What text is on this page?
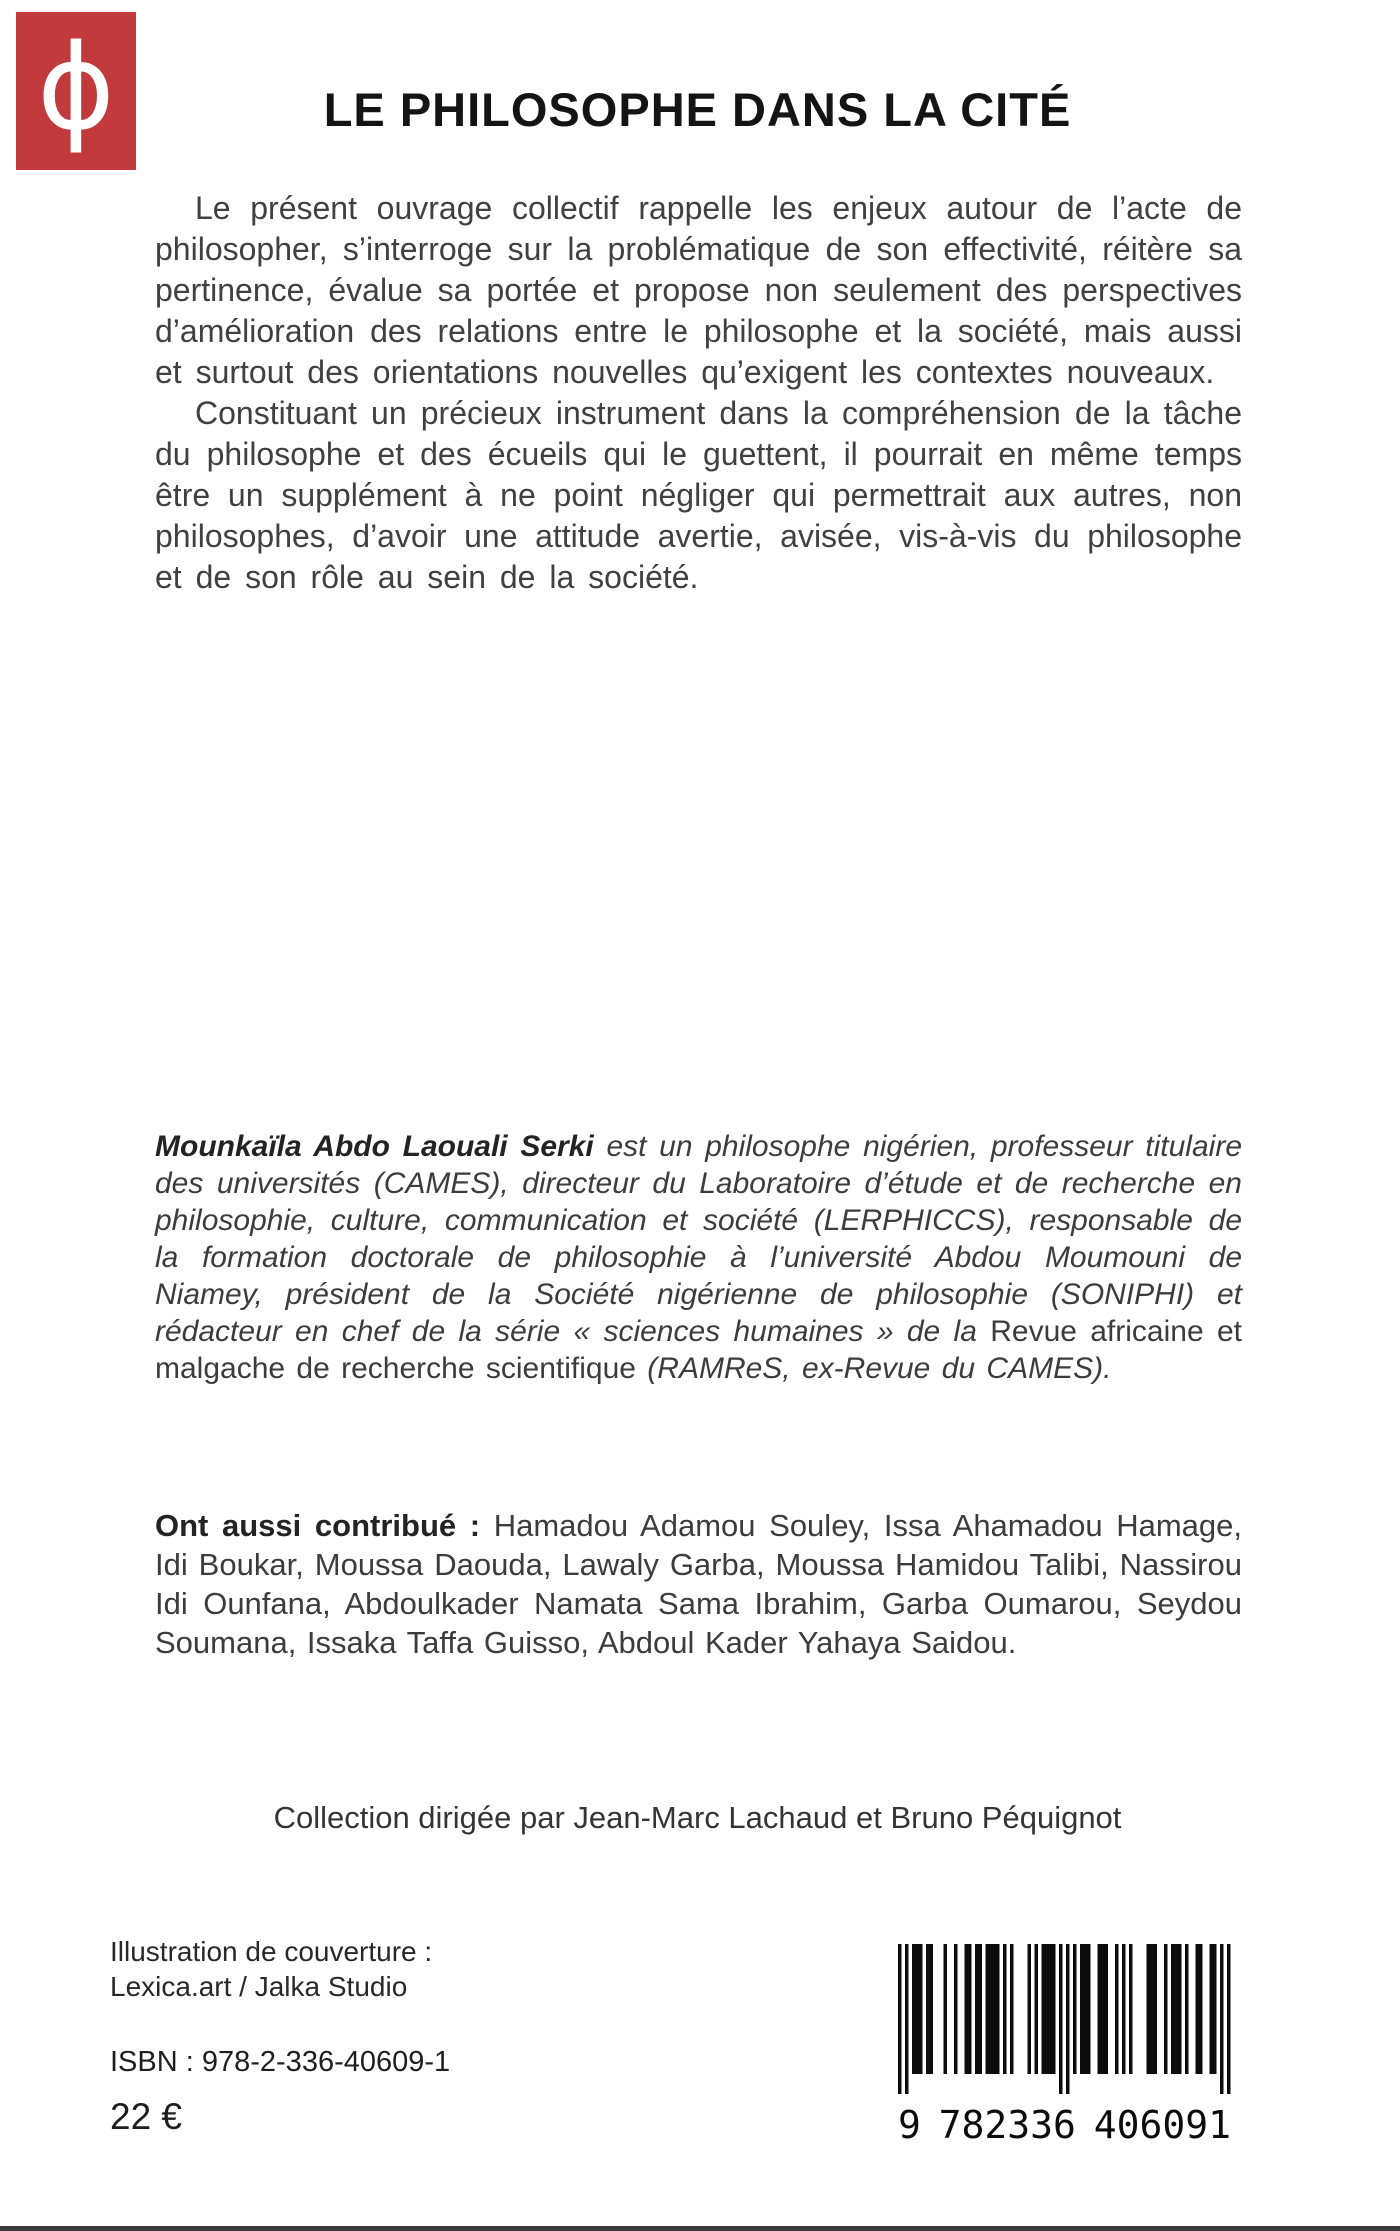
ϕ	LE PHILOSOPHE DANS LA CITÉ

Le présent ouvrage collectif rappelle les enjeux autour de l’acte de philosopher, s’interroge sur la problématique de son effectivité, réitère sa pertinence, évalue sa portée et propose non seulement des perspectives d’amélioration des relations entre le philosophe et la société, mais aussi et surtout des orientations nouvelles qu’exigent les contextes nouveaux.

Constituant un précieux instrument dans la compréhension de la tâche du philosophe et des écueils qui le guettent, il pourrait en même temps être un supplément à ne point négliger qui permettrait aux autres, non philosophes, d’avoir une attitude avertie, avisée, vis-à-vis du philosophe et de son rôle au sein de la société.

Mounkaïla Abdo Laouali Serki est un philosophe nigérien, professeur titulaire des universités (CAMES), directeur du Laboratoire d’étude et de recherche en philosophie, culture, communication et société (LERPHICCS), responsable de la formation doctorale de philosophie à l’université Abdou Moumouni de Niamey, président de la Société nigérienne de philosophie (SONIPHI) et rédacteur en chef de la série « sciences humaines » de la Revue africaine et malgache de recherche scientifique (RAMReS, ex-Revue du CAMES).
Ont aussi contribué : Hamadou Adamou Souley, Issa Ahamadou Hamage, Idi Boukar, Moussa Daouda, Lawaly Garba, Moussa Hamidou Talibi, Nassirou Idi Ounfana, Abdoulkader Namata Sama Ibrahim, Garba Oumarou, Seydou Soumana, Issaka Taffa Guisso, Abdoul Kader Yahaya Saidou.
Collection dirigée par Jean-Marc Lachaud et Bruno Péquignot
Illustration de couverture :
Lexica.art / Jalka Studio
ISBN : 978-2-336-40609-1
22 €	9 782336 406091
